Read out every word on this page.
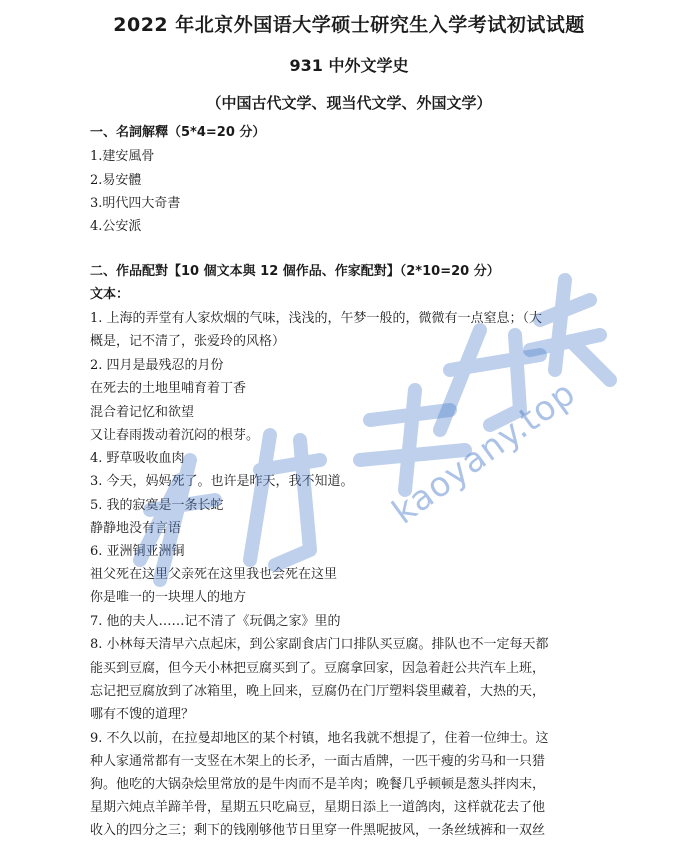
2022 年北京外国语大学硕士研究生入学考试初试试题
931 中外文学史
（中国古代文学、现当代文学、外国文学）
一、名詞解釋（5*4=20 分）
1.建安風骨
2.易安體
3.明代四大奇書
4.公安派
二、作品配對【10 個文本與 12 個作品、作家配對】（2*10=20 分）
文本：
1. 上海的弄堂有人家炊烟的气味，浅浅的，午梦一般的，微微有一点窒息；（大
概是，记不清了，张爱玲的风格）
2. 四月是最残忍的月份
在死去的土地里哺育着丁香
混合着记忆和欲望
又让春雨拨动着沉闷的根芽。
4. 野草吸收血肉
3. 今天，妈妈死了。也许是昨天，我不知道。
5. 我的寂寞是一条长蛇
静静地没有言语
6. 亚洲铜亚洲铜
祖父死在这里父亲死在这里我也会死在这里
你是唯一的一块埋人的地方
7. 他的夫人……记不清了《玩偶之家》里的
8. 小林每天清早六点起床，到公家副食店门口排队买豆腐。排队也不一定每天都
能买到豆腐，但今天小林把豆腐买到了。豆腐拿回家，因急着赶公共汽车上班，
忘记把豆腐放到了冰箱里，晚上回来，豆腐仍在门厅塑料袋里藏着，大热的天，
哪有不馊的道理？
9. 不久以前，在拉曼却地区的某个村镇，地名我就不想提了，住着一位绅士。这
种人家通常都有一支竖在木架上的长矛，一面古盾牌，一匹干瘦的劣马和一只猎
狗。他吃的大锅杂烩里常放的是牛肉而不是羊肉；晚餐几乎顿顿是葱头拌肉末，
星期六炖点羊蹄羊骨，星期五只吃扁豆，星期日添上一道鸽肉，这样就花去了他
收入的四分之三；剩下的钱刚够他节日里穿一件黑呢披风，一条丝绒裤和一双丝
kaoyany.top
